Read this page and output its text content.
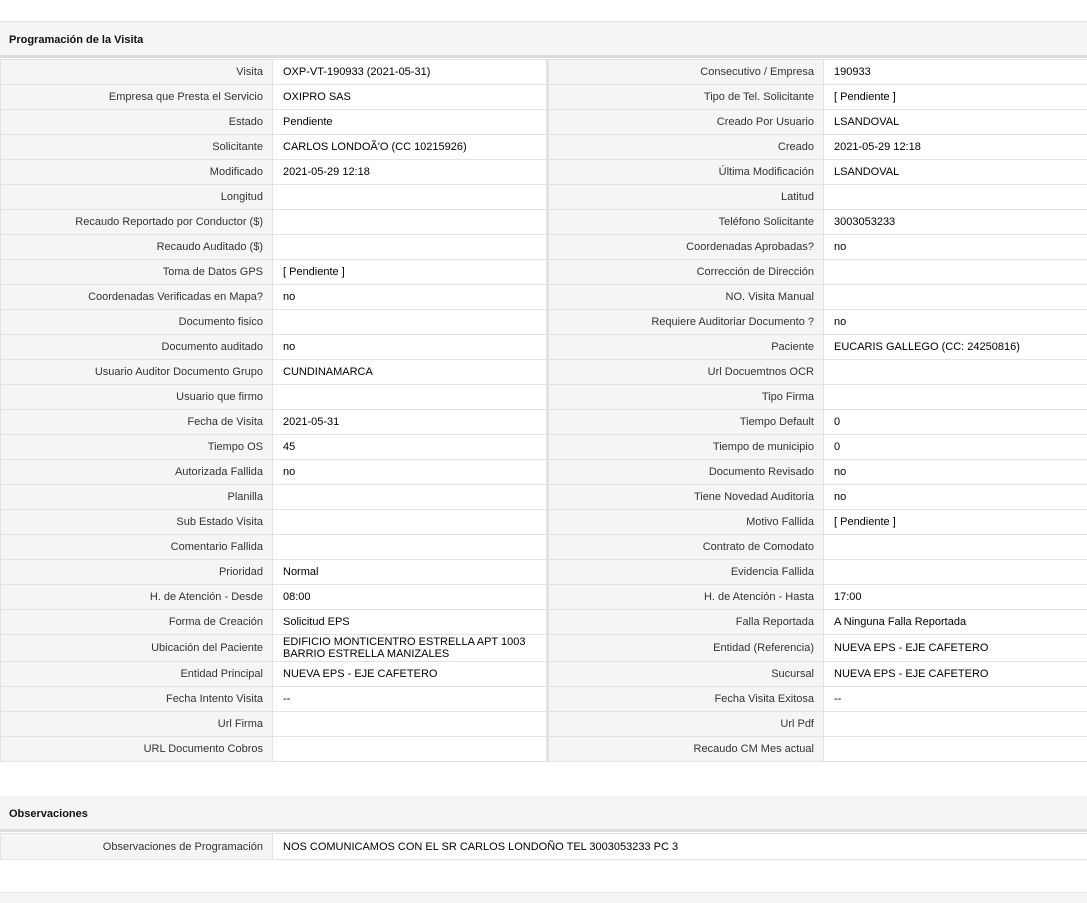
Programación de la Visita
Visita	OXP-VT-190933 (2021-05-31)	Consecutivo / Empresa	190933
Empresa que Presta el Servicio	OXIPRO SAS	Tipo de Tel. Solicitante	[ Pendiente ]
Estado	Pendiente	Creado Por Usuario	LSANDOVAL
Solicitante	CARLOS LONDOÃ'O (CC 10215926)	Creado	2021-05-29 12:18
Modificado	2021-05-29 12:18	Última Modificación	LSANDOVAL
Longitud		Latitud	
Recaudo Reportado por Conductor ($)		Teléfono Solicitante	3003053233
Recaudo Auditado ($)		Coordenadas Aprobadas?	no
Toma de Datos GPS	[ Pendiente ]	Corrección de Dirección	
Coordenadas Verificadas en Mapa?	no	NO. Visita Manual	
Documento fisico		Requiere Auditoriar Documento ?	no
Documento auditado	no	Paciente	EUCARIS GALLEGO (CC: 24250816)
Usuario Auditor Documento Grupo	CUNDINAMARCA	Url Docuemtnos OCR	
Usuario que firmo		Tipo Firma	
Fecha de Visita	2021-05-31	Tiempo Default	0
Tiempo OS	45	Tiempo de municipio	0
Autorizada Fallida	no	Documento Revisado	no
Planilla		Tiene Novedad Auditoria	no
Sub Estado Visita		Motivo Fallida	[ Pendiente ]
Comentario Fallida		Contrato de Comodato	
Prioridad	Normal	Evidencia Fallida	
H. de Atención - Desde	08:00	H. de Atención - Hasta	17:00
Forma de Creación	Solicitud EPS	Falla Reportada	A Ninguna Falla Reportada
Ubicación del Paciente	EDIFICIO MONTICENTRO ESTRELLA APT 1003 BARRIO ESTRELLA MANIZALES	Entidad (Referencia)	NUEVA EPS - EJE CAFETERO
Entidad Principal	NUEVA EPS - EJE CAFETERO	Sucursal	NUEVA EPS - EJE CAFETERO
Fecha Intento Visita	--	Fecha Visita Exitosa	--
Url Firma		Url Pdf	
URL Documento Cobros		Recaudo CM Mes actual	
Observaciones
Observaciones de Programación	NOS COMUNICAMOS CON EL SR CARLOS LONDOÑO TEL 3003053233 PC 3
